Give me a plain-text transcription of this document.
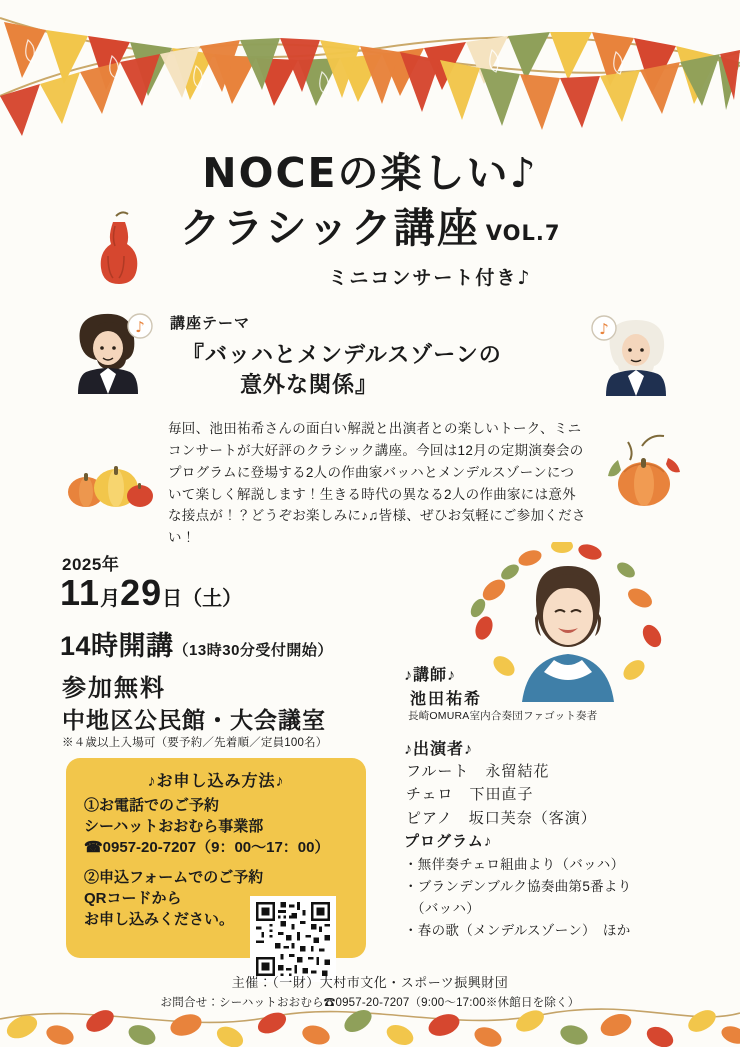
NOCEの楽しい♪
クラシック講座 VOL.7
ミニコンサート付き♪
♪	♪
講座テーマ
『バッハとメンデルスゾーンの
意外な関係』
毎回、池田祐希さんの面白い解説と出演者との楽しいトーク、ミニコンサートが大好評のクラシック講座。今回は12月の定期演奏会のプログラムに登場する2人の作曲家バッハとメンデルスゾーンについて楽しく解説します！生きる時代の異なる2人の作曲家には意外な接点が！？どうぞお楽しみに♪♫皆様、ぜひお気軽にご参加ください！
2025年
11月29日（土）
14時開講（13時30分受付開始）
参加無料
中地区公民館・大会議室
※４歳以上入場可（要予約／先着順／定員100名）
♪お申し込み方法♪
①お電話でのご予約
シーハットおおむら事業部
☎0957-20-7207（9：00～17：00）
②申込フォームでのご予約
QRコードから
お申し込みください。
♪講師♪
池田祐希
長崎OMURA室内合奏団ファゴット奏者
♪出演者♪
フルート　永留結花
チェロ　下田直子
ピアノ　坂口芙奈（客演）
プログラム♪
・無伴奏チェロ組曲より（バッハ）
・ブランデンブルク協奏曲第5番より
　（バッハ）
・春の歌（メンデルスゾーン）　ほか
主催：（一財）大村市文化・スポーツ振興財団
お問合せ：シーハットおおむら☎0957-20-7207（9:00～17:00※休館日を除く）
